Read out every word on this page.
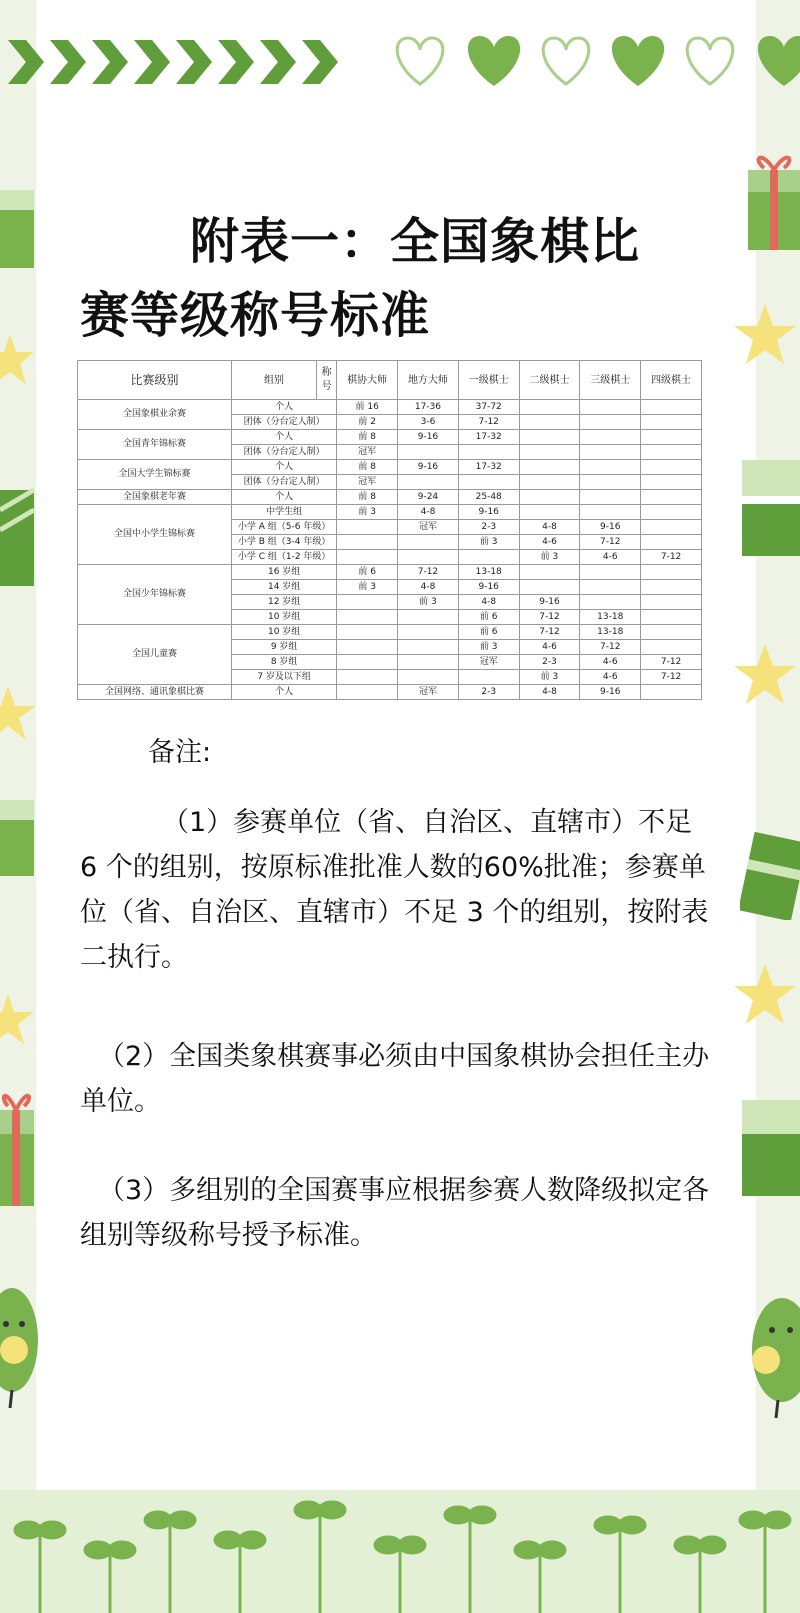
附表一：全国象棋比
赛等级称号标准
比赛级别	组别	称号	棋协大师	地方大师	一级棋士	二级棋士	三级棋士	四级棋士
全国象棋业余赛	个人		前 16	17-36	37-72			
	团体（分台定人制）		前 2	3-6	7-12			
全国青年锦标赛	个人		前 8	9-16	17-32			
	团体（分台定人制）		冠军					
全国大学生锦标赛	个人		前 8	9-16	17-32			
	团体（分台定人制）		冠军					
全国象棋老年赛	个人		前 8	9-24	25-48			
全国中小学生锦标赛	中学生组		前 3	4-8	9-16			
	小学 A 组（5-6 年级）			冠军	2-3	4-8	9-16	
	小学 B 组（3-4 年级）				前 3	4-6	7-12	
	小学 C 组（1-2 年级）					前 3	4-6	7-12
全国少年锦标赛	16 岁组		前 6	7-12	13-18			
	14 岁组		前 3	4-8	9-16			
	12 岁组			前 3	4-8	9-16		
	10 岁组				前 6	7-12	13-18	
全国儿童赛	10 岁组				前 6	7-12	13-18	
	9 岁组				前 3	4-6	7-12	
	8 岁组				冠军	2-3	4-6	7-12
	7 岁及以下组					前 3	4-6	7-12
全国网络、通讯象棋比赛	个人			冠军	2-3	4-8	9-16	

备注:

（1）参赛单位（省、自治区、直辖市）不足 6 个的组别，按原标准批准人数的60%批准；参赛单位（省、自治区、直辖市）不足 3 个的组别，按附表二执行。

（2）全国类象棋赛事必须由中国象棋协会担任主办单位。

（3）多组别的全国赛事应根据参赛人数降级拟定各组别等级称号授予标准。
